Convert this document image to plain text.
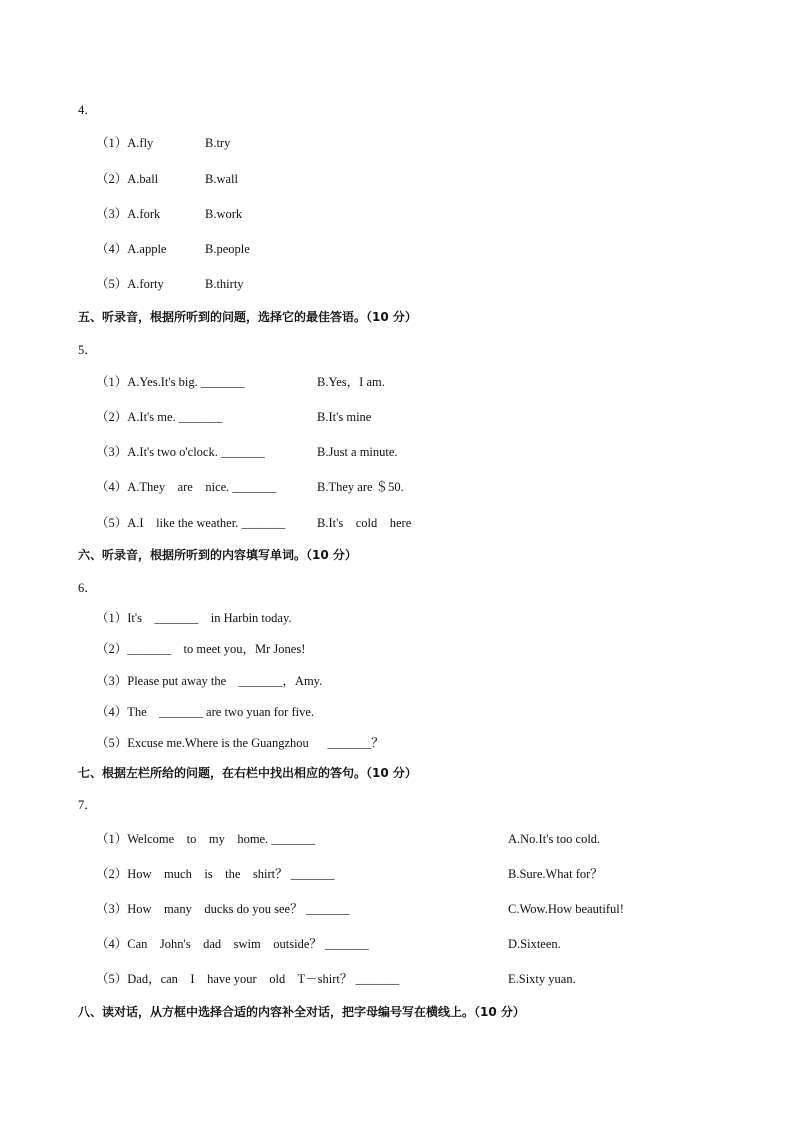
4．
（1）A.fly	B.try
（2）A.ball	B.wall
（3）A.fork	B.work
（4）A.apple	B.people
（5）A.forty	B.thirty
五、听录音，根据所听到的问题，选择它的最佳答语。（10 分）
5．
（1）A.Yes.It's big. _______	B.Yes，I am.
（2）A.It's me. _______	B.It's mine
（3）A.It's two o'clock. _______	B.Just a minute.
（4）A.They    are    nice. _______	B.They are ＄50.
（5）A.I    like the weather. _______	B.It's    cold    here
六、听录音，根据所听到的内容填写单词。（10 分）
6．
（1）It's    _______    in Harbin today.
（2）_______    to meet you，Mr Jones!
（3）Please put away the    _______，Amy.
（4）The    _______ are two yuan for five.
（5）Excuse me.Where is the Guangzhou      _______？
七、根据左栏所给的问题，在右栏中找出相应的答句。（10 分）
7．
（1）Welcome    to    my    home. _______	A.No.It's too cold.
（2）How    much    is    the    shirt？ _______	B.Sure.What for？
（3）How    many    ducks do you see？ _______	C.Wow.How beautiful!
（4）Can    John's    dad    swim    outside？ _______	D.Sixteen.
（5）Dad，can    I    have your    old    T－shirt？ _______	E.Sixty yuan.
八、读对话，从方框中选择合适的内容补全对话，把字母编号写在横线上。（10 分）
